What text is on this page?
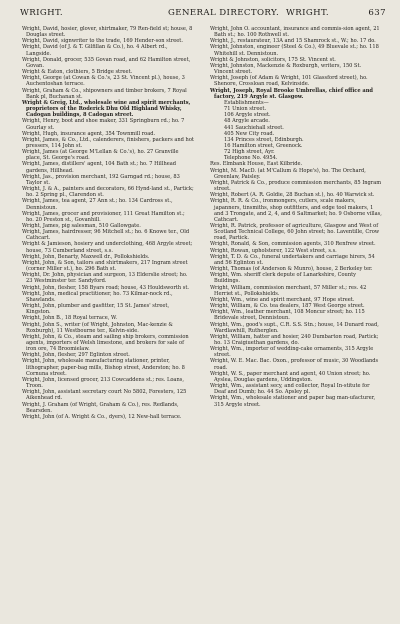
WRIGHT.	GENERAL DIRECTORY. WRIGHT.	637

Wright, David, hosier, glover, shirtmaker, 79 Ren-field st; house, 8 Douglas street.

Wright, David, signwriter to the trade, 169 Hender-son street.

Wright, David (of J. & T. Gilfillan & Co.), ho. 4 Albert rd., Langside.

Wright, Donald, grocer, 535 Govan road, and 62 Hamilton street, Govan.

Wright & Eaton, clothiers, 5 Bridge street.

Wright, George (at Cowan & Co.'s, 23 St. Vincent pl.), house, 3 Auchentoshan terrace.

Wright, Graham & Co., shipowners and timber brokers, 7 Royal Bank pl, Buchanan st.

Wright & Greig, Ltd., wholesale wine and spirit merchants, proprietors of the Roderick Dhu Old Highland Whisky, Cadogan buildings, 8 Cadogan street.

Wright, Henry, boot and shoe maker, 331 Springburn rd.; ho. 7 Gourlay st.

Wright, Hugh, insurance agent, 354 Townmill road.

Wright, James, & Co., Ltd., calenderers, finishers, packers and hot pressers, 114 John st.

Wright, James (at George M'Lellan & Co.'s), ho. 27 Granville place, St. George's road.

Wright, James, distillers' agent, 104 Bath st.; ho. 7 Hillhead gardens, Hillhead.

Wright, Jas., provision merchant, 192 Garngad rd.; house, 83 Taylor st.

Wright, J. & A., painters and decorators, 66 Hynd-land st., Partick; ho. 2 Spring pl., Clarendon st.

Wright, James, tea agent, 27 Ann st.; ho. 134 Cardross st., Dennistoun.

Wright, James, grocer and provisioner, 111 Great Hamilton st.; ho. 20 Preston st., Govanhill.

Wright, James, pig salesman, 510 Gallowgate.

Wright, James, hairdresser, 96 Mitchell st.; ho. 6 Knowe ter., Old Cathcart.

Wright & Jamieson, hosiery and underclothing, 468 Argyle street; house, 73 Cumberland street, s.s.

Wright, John, Benarty, Maxwell dr., Pollokshields.

Wright, John, & Son, tailors and shirtmakers, 217 Ingram street (corner Miller st.), ho. 296 Bath st.

Wright, Dr. John, physician and surgeon, 13 Elderslie street; ho. 23 Westminster ter. Sandyford.

Wright, John, flesher, 158 Byars road; house, 43 Houldsworth st.

Wright, John, medical practitioner, ho. 73 Kilmar-nock rd., Shawlands.

Wright, John, plumber and gasfitter, 15 St. James' street, Kingston.

Wright, John B., 18 Royal terrace, W.

Wright, John S., writer (of Wright, Johnston, Mac-kenzie & Roxburgh), 11 Westbourne ter., Kelvin-side.

Wright, John, & Co., steam and sailing ship brokers, commission agents, importers of Welsh limestone, and brokers for sale of iron ore, 74 Broomielaw.

Wright, John, flesher, 297 Eglinton street.

Wright, John, wholesale manufacturing stationer, printer, lithographer, paper-bag mills, Bishop street, Anderston; ho. 8 Cornuna street.

Wright, John, licensed grocer, 213 Cowcaddens st.; res. Loans, Troon.

Wright, John, assistant secretary court No 5802, Foresters, 125 Aikenhead rd.

Wright, J. Graham (of Wright, Graham & Co.), res. Redlands, Bearsden.

Wright, John (of A. Wright & Co., dyers), 12 New-hall terrace.

Wright, John O. accountant, insurance and commis-sion agent, 21 Bath st.; ho. 100 Rothwell st.

Wright, J., restaurateur, 13A and 15 Shamrock st., W.; ho. 17 do.

Wright, Johnston, engineer (Steel & Co.), 49 Bluevale st.; ho. 118 Whitehill st. Dennistoun.

Wright & Johnston, solicitors, 175 St. Vincent st.

Wright, Johnston, Mackenzie & Roxburgh, writers, 150 St. Vincent street.

Wright, Joseph (of Adam & Wright, 101 Glassford street), ho. Shenore, Crossloan road, Kelvinside.

Wright, Joseph, Royal Brooke Umbrellas, chief office and factory, 219 Argyle st. Glasgow.

Establishments—

71 Union street.

106 Argyle street.

48 Argyle arcade.

441 Sauchiehall street.

405 New City road.

134 Princes street, Edinburgh.

16 Hamilton street, Greenock.

72 High street, Ayr.

Telephone No. 4954.

Res. Elmbank House, East Kilbride.

Wright, M. MacD. (at M'Callum & Hope's), ho. The Orchard, Greenlaw, Paisley.

Wright, Patrick & Co., produce commission merchants, 85 Ingram street.

Wright, Robert (A. R. Goldie, 28 Buchan st.), ho. 40 Warwick st.

Wright, R. R. & Co., ironmongers, cutlers, scale makers, japanners, tinsmiths, shop outfitters, and edge tool makers, 1 and 3 Trongate, and 2, 4, and 6 Saltmarket; ho. 9 Osborne villas, Cathcart.

Wright, R. Patrick, professor of agriculture, Glasgow and West of Scotland Technical College, 60 John street; ho. Laventille, Crow road, Partick.

Wright, Ronald, & Son, commission agents, 310 Renfrew street.

Wright, Rowan, upholsterer, 122 West street, s.s.

Wright, T. D. & Co., funeral undertakers and carriage hirers, 54 and 56 Eglinton st.

Wright, Thomas (of Anderson & Munro), house, 2 Berkeley ter.

Wright, Wm. sheriff clerk depute of Lanarkshire, County Buildings.

Wright, William, commission merchant, 57 Miller st.; res. 42 Herriet st., Pollokshields.

Wright, Wm., wine and spirit merchant, 97 Hope street.

Wright, William, & Co. tea dealers, 187 West George street.

Wright, Wm., leather merchant, 108 Moncur street; ho. 115 Bridevale street, Dennistoun.

Wright, Wm., good's supt., C.R. S.S. Stn.; house, 14 Dunard road, Wardlawhill, Rutherglen.

Wright, William, hatter and hosier, 240 Dumbarton road, Partick; ho. 13 Craigiuethan gardens, do.

Wright, Wm., importer of wedding-cake ornaments, 315 Argyle street.

Wright, W. E. Mac. Bac. Oxon., professor of music, 30 Woodlands road.

Wright, W. S., paper merchant and agent, 40 Union street; ho. Ayslea, Douglas gardens, Uddingston.

Wright, Wm., assistant secy, and collector, Royal In-stitute for Deaf and Dumb; ho. 44 So. Apsley pl.

Wright, Wm., wholesale stationer and paper bag man-ufacturer, 315 Argyle street.
